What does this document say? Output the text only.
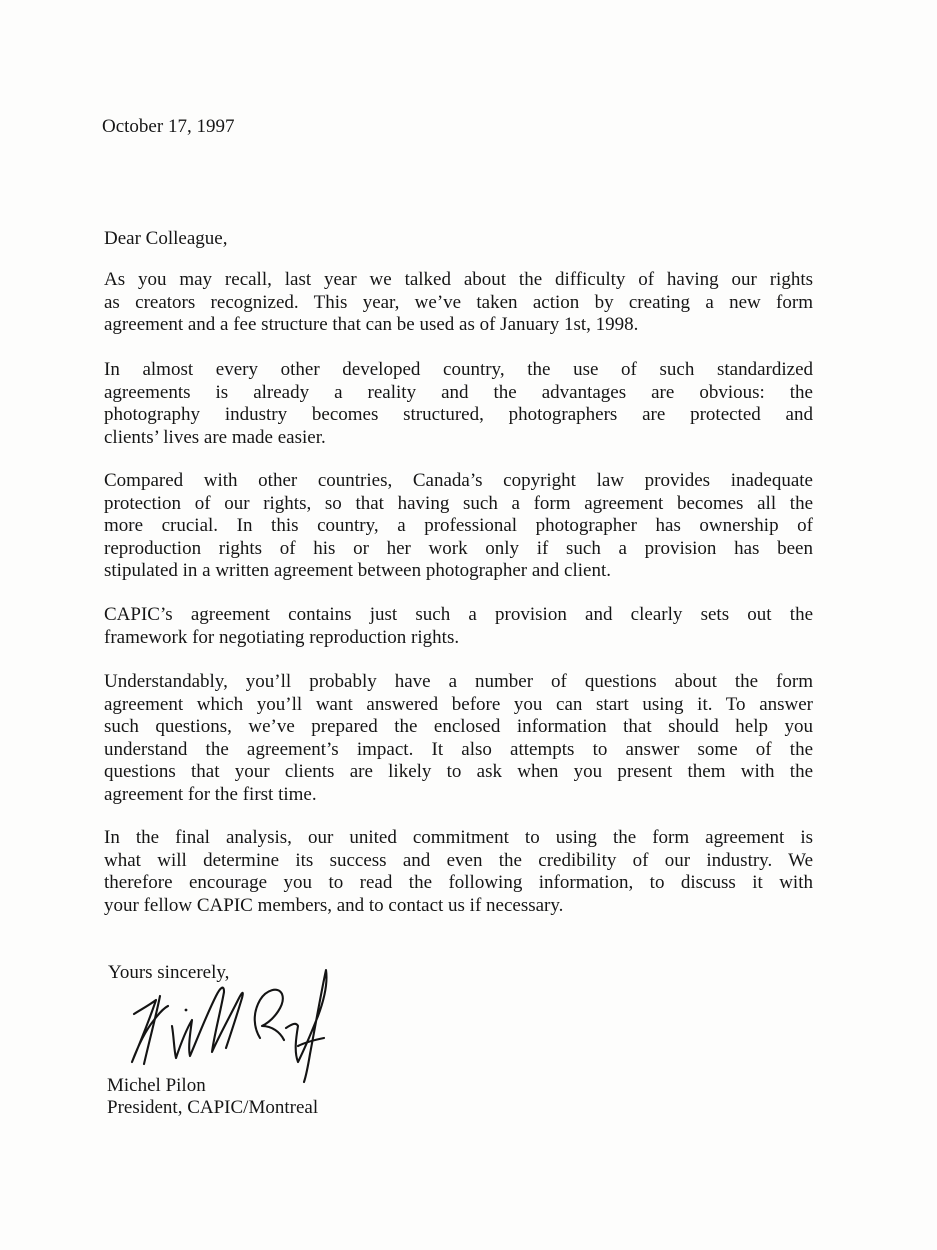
October 17, 1997
Dear Colleague,

As you may recall, last year we talked about the difficulty of having our rights
as creators recognized. This year, we’ve taken action by creating a new form
agreement and a fee structure that can be used as of January 1st, 1998.

In almost every other developed country, the use of such standardized
agreements is already a reality and the advantages are obvious: the
photography industry becomes structured, photographers are protected and
clients’ lives are made easier.

Compared with other countries, Canada’s copyright law provides inadequate
protection of our rights, so that having such a form agreement becomes all the
more crucial. In this country, a professional photographer has ownership of
reproduction rights of his or her work only if such a provision has been
stipulated in a written agreement between photographer and client.

CAPIC’s agreement contains just such a provision and clearly sets out the
framework for negotiating reproduction rights.

Understandably, you’ll probably have a number of questions about the form
agreement which you’ll want answered before you can start using it. To answer
such questions, we’ve prepared the enclosed information that should help you
understand the agreement’s impact. It also attempts to answer some of the
questions that your clients are likely to ask when you present them with the
agreement for the first time.

In the final analysis, our united commitment to using the form agreement is
what will determine its success and even the credibility of our industry. We
therefore encourage you to read the following information, to discuss it with
your fellow CAPIC members, and to contact us if necessary.

Yours sincerely,
Michel Pilon
President, CAPIC/Montreal
